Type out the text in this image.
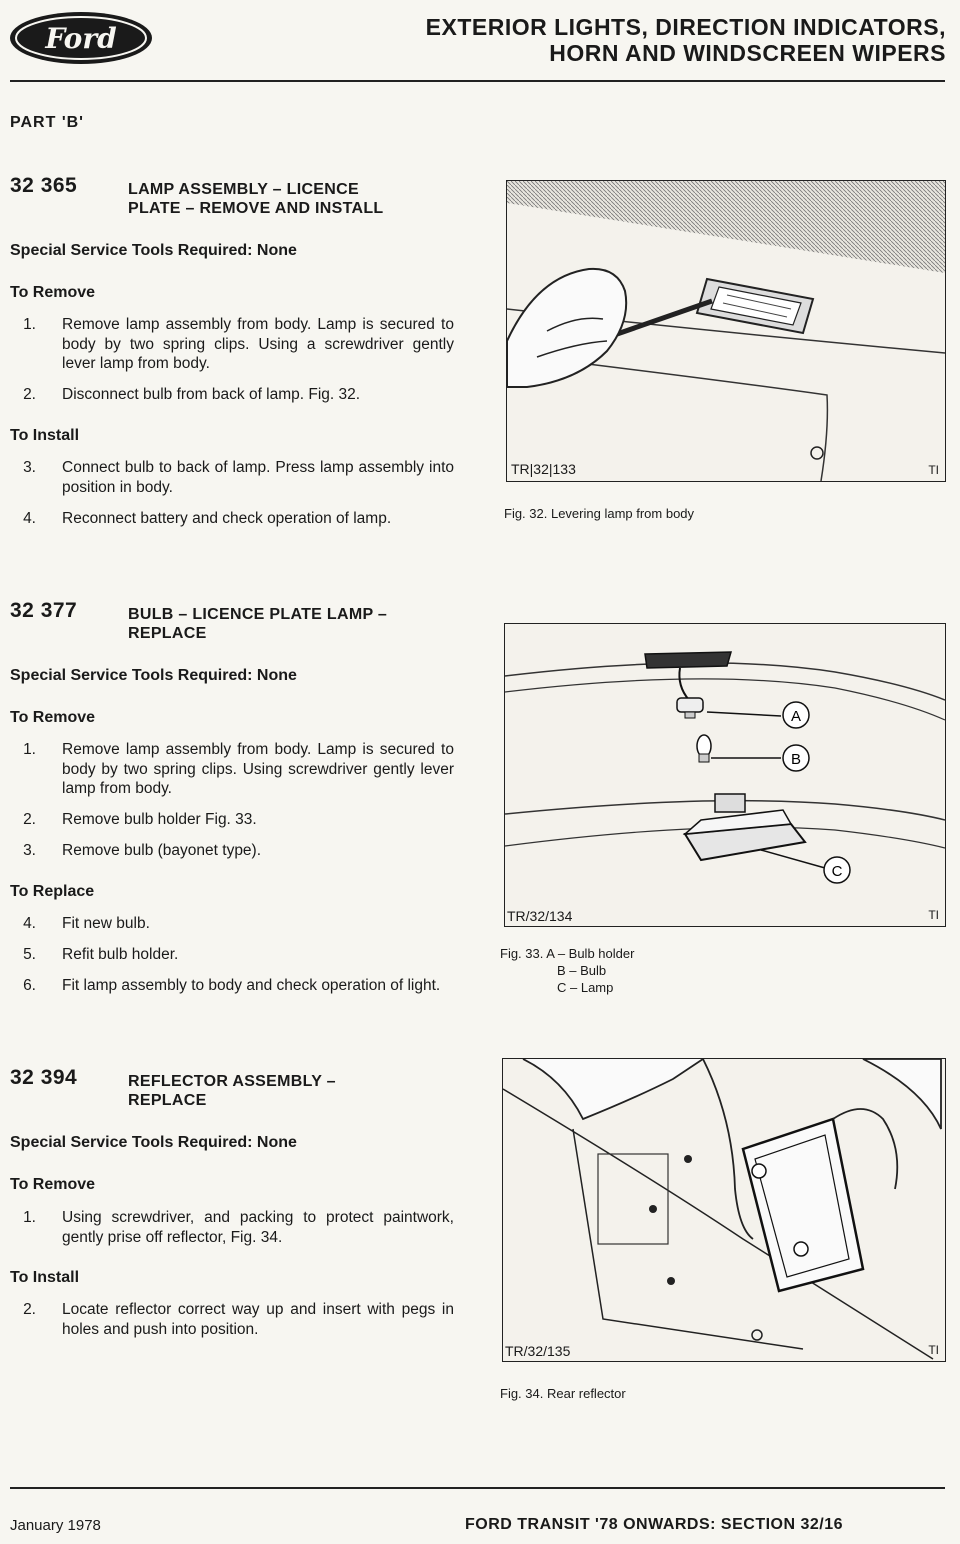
Ford	EXTERIOR LIGHTS, DIRECTION INDICATORS,
HORN AND WINDSCREEN WIPERS
PART 'B'
32 365	LAMP ASSEMBLY – LICENCE
PLATE – REMOVE AND INSTALL
Special Service Tools Required: None
To Remove
1. Remove lamp assembly from body. Lamp is secured to body by two spring clips. Using a screwdriver gently lever lamp from body.
2. Disconnect bulb from back of lamp. Fig. 32.
To Install
3. Connect bulb to back of lamp. Press lamp assembly into position in body.
4. Reconnect battery and check operation of lamp.
32 377	BULB – LICENCE PLATE LAMP –
REPLACE
Special Service Tools Required: None
To Remove
1. Remove lamp assembly from body. Lamp is secured to body by two spring clips. Using screwdriver gently lever lamp from body.
2. Remove bulb holder Fig. 33.
3. Remove bulb (bayonet type).
To Replace
4. Fit new bulb.
5. Refit bulb holder.
6. Fit lamp assembly to body and check operation of light.
32 394	REFLECTOR ASSEMBLY –
REPLACE
Special Service Tools Required: None
To Remove
1. Using screwdriver, and packing to protect paintwork, gently prise off reflector, Fig. 34.
To Install
2. Locate reflector correct way up and insert with pegs in holes and push into position.
TR|32|133	TI
Fig. 32. Levering lamp from body
A
B
C
TR/32/134	TI
Fig. 33. A – Bulb holder
B – Bulb
C – Lamp
TR/32/135	TI
Fig. 34. Rear reflector
January 1978	FORD TRANSIT '78 ONWARDS: SECTION 32/16
